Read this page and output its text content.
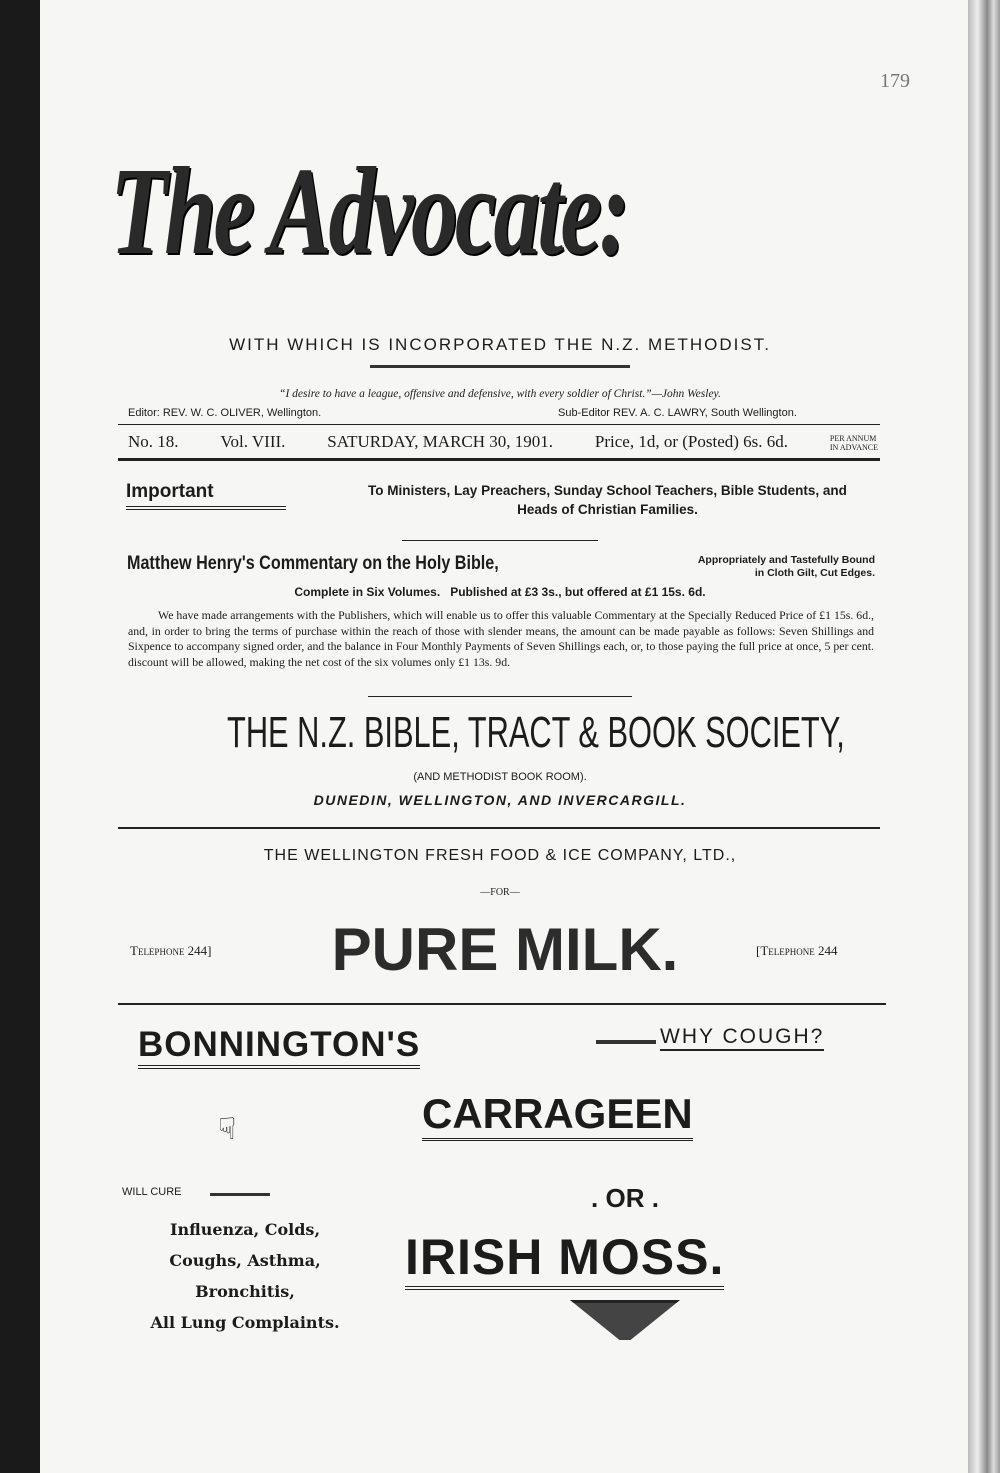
179
The Advocate:
WITH WHICH IS INCORPORATED THE N.Z. METHODIST.
“I desire to have a league, offensive and defensive, with every soldier of Christ.”—John Wesley.
Editor: REV. W. C. OLIVER, Wellington.	Sub-Editor REV. A. C. LAWRY, South Wellington.
No. 18. Vol. VIII. SATURDAY, MARCH 30, 1901. Price, 1d, or (Posted) 6s. 6d.	PER ANNUM
IN ADVANCE
Important	To Ministers, Lay Preachers, Sunday School Teachers, Bible Students, and
Heads of Christian Families.
Matthew Henry's Commentary on the Holy Bible,	Appropriately and Tastefully Bound
in Cloth Gilt, Cut Edges.
Complete in Six Volumes.   Published at £3 3s., but offered at £1 15s. 6d.
We have made arrangements with the Publishers, which will enable us to offer this valuable Commentary at the Specially Reduced Price of £1 15s. 6d., and, in order to bring the terms of purchase within the reach of those with slender means, the amount can be made payable as follows: Seven Shillings and Sixpence to accompany signed order, and the balance in Four Monthly Payments of Seven Shillings each, or, to those paying the full price at once, 5 per cent. discount will be allowed, making the net cost of the six volumes only £1 13s. 9d.
THE N.Z. BIBLE, TRACT & BOOK SOCIETY,
(AND METHODIST BOOK ROOM).
DUNEDIN, WELLINGTON, AND INVERCARGILL.
THE WELLINGTON FRESH FOOD & ICE COMPANY, LTD.,
—FOR—
Telephone 244]	PURE MILK.	[Telephone 244
BONNINGTON'S	WHY COUGH?
CARRAGEEN
☟
WILL CURE	. OR .
Influenza, Colds,
Coughs, Asthma,
Bronchitis,
All Lung Complaints.
IRISH MOSS.
